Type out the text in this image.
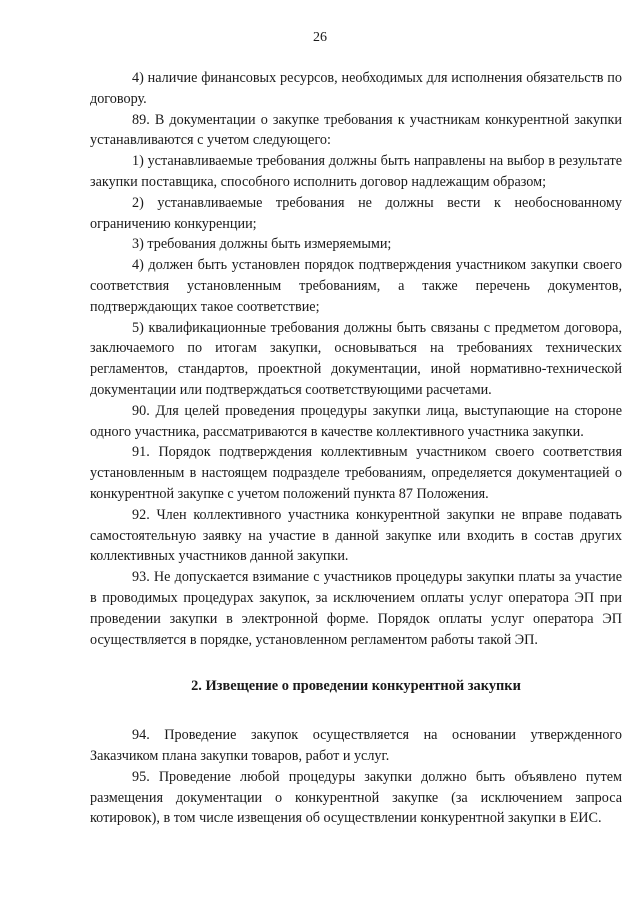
26

4) наличие финансовых ресурсов, необходимых для исполнения обязательств по договору.

89. В документации о закупке требования к участникам конкурентной закупки устанавливаются с учетом следующего:

1) устанавливаемые требования должны быть направлены на выбор в результате закупки поставщика, способного исполнить договор надлежащим образом;

2) устанавливаемые требования не должны вести к необоснованному ограничению конкуренции;

3) требования должны быть измеряемыми;

4) должен быть установлен порядок подтверждения участником закупки своего соответствия установленным требованиям, а также перечень документов, подтверждающих такое соответствие;

5) квалификационные требования должны быть связаны с предметом договора, заключаемого по итогам закупки, основываться на требованиях технических регламентов, стандартов, проектной документации, иной нормативно-технической документации или подтверждаться соответствующими расчетами.

90. Для целей проведения процедуры закупки лица, выступающие на стороне одного участника, рассматриваются в качестве коллективного участника закупки.

91. Порядок подтверждения коллективным участником своего соответствия установленным в настоящем подразделе требованиям, определяется документацией о конкурентной закупке с учетом положений пункта 87 Положения.

92. Член коллективного участника конкурентной закупки не вправе подавать самостоятельную заявку на участие в данной закупке или входить в состав других коллективных участников данной закупки.

93. Не допускается взимание с участников процедуры закупки платы за участие в проводимых процедурах закупок, за исключением оплаты услуг оператора ЭП при проведении закупки в электронной форме. Порядок оплаты услуг оператора ЭП осуществляется в порядке, установленном регламентом работы такой ЭП.

2. Извещение о проведении конкурентной закупки

94. Проведение закупок осуществляется на основании утвержденного Заказчиком плана закупки товаров, работ и услуг.

95. Проведение любой процедуры закупки должно быть объявлено путем размещения документации о конкурентной закупке (за исключением запроса котировок), в том числе извещения об осуществлении конкурентной закупки в ЕИС.
